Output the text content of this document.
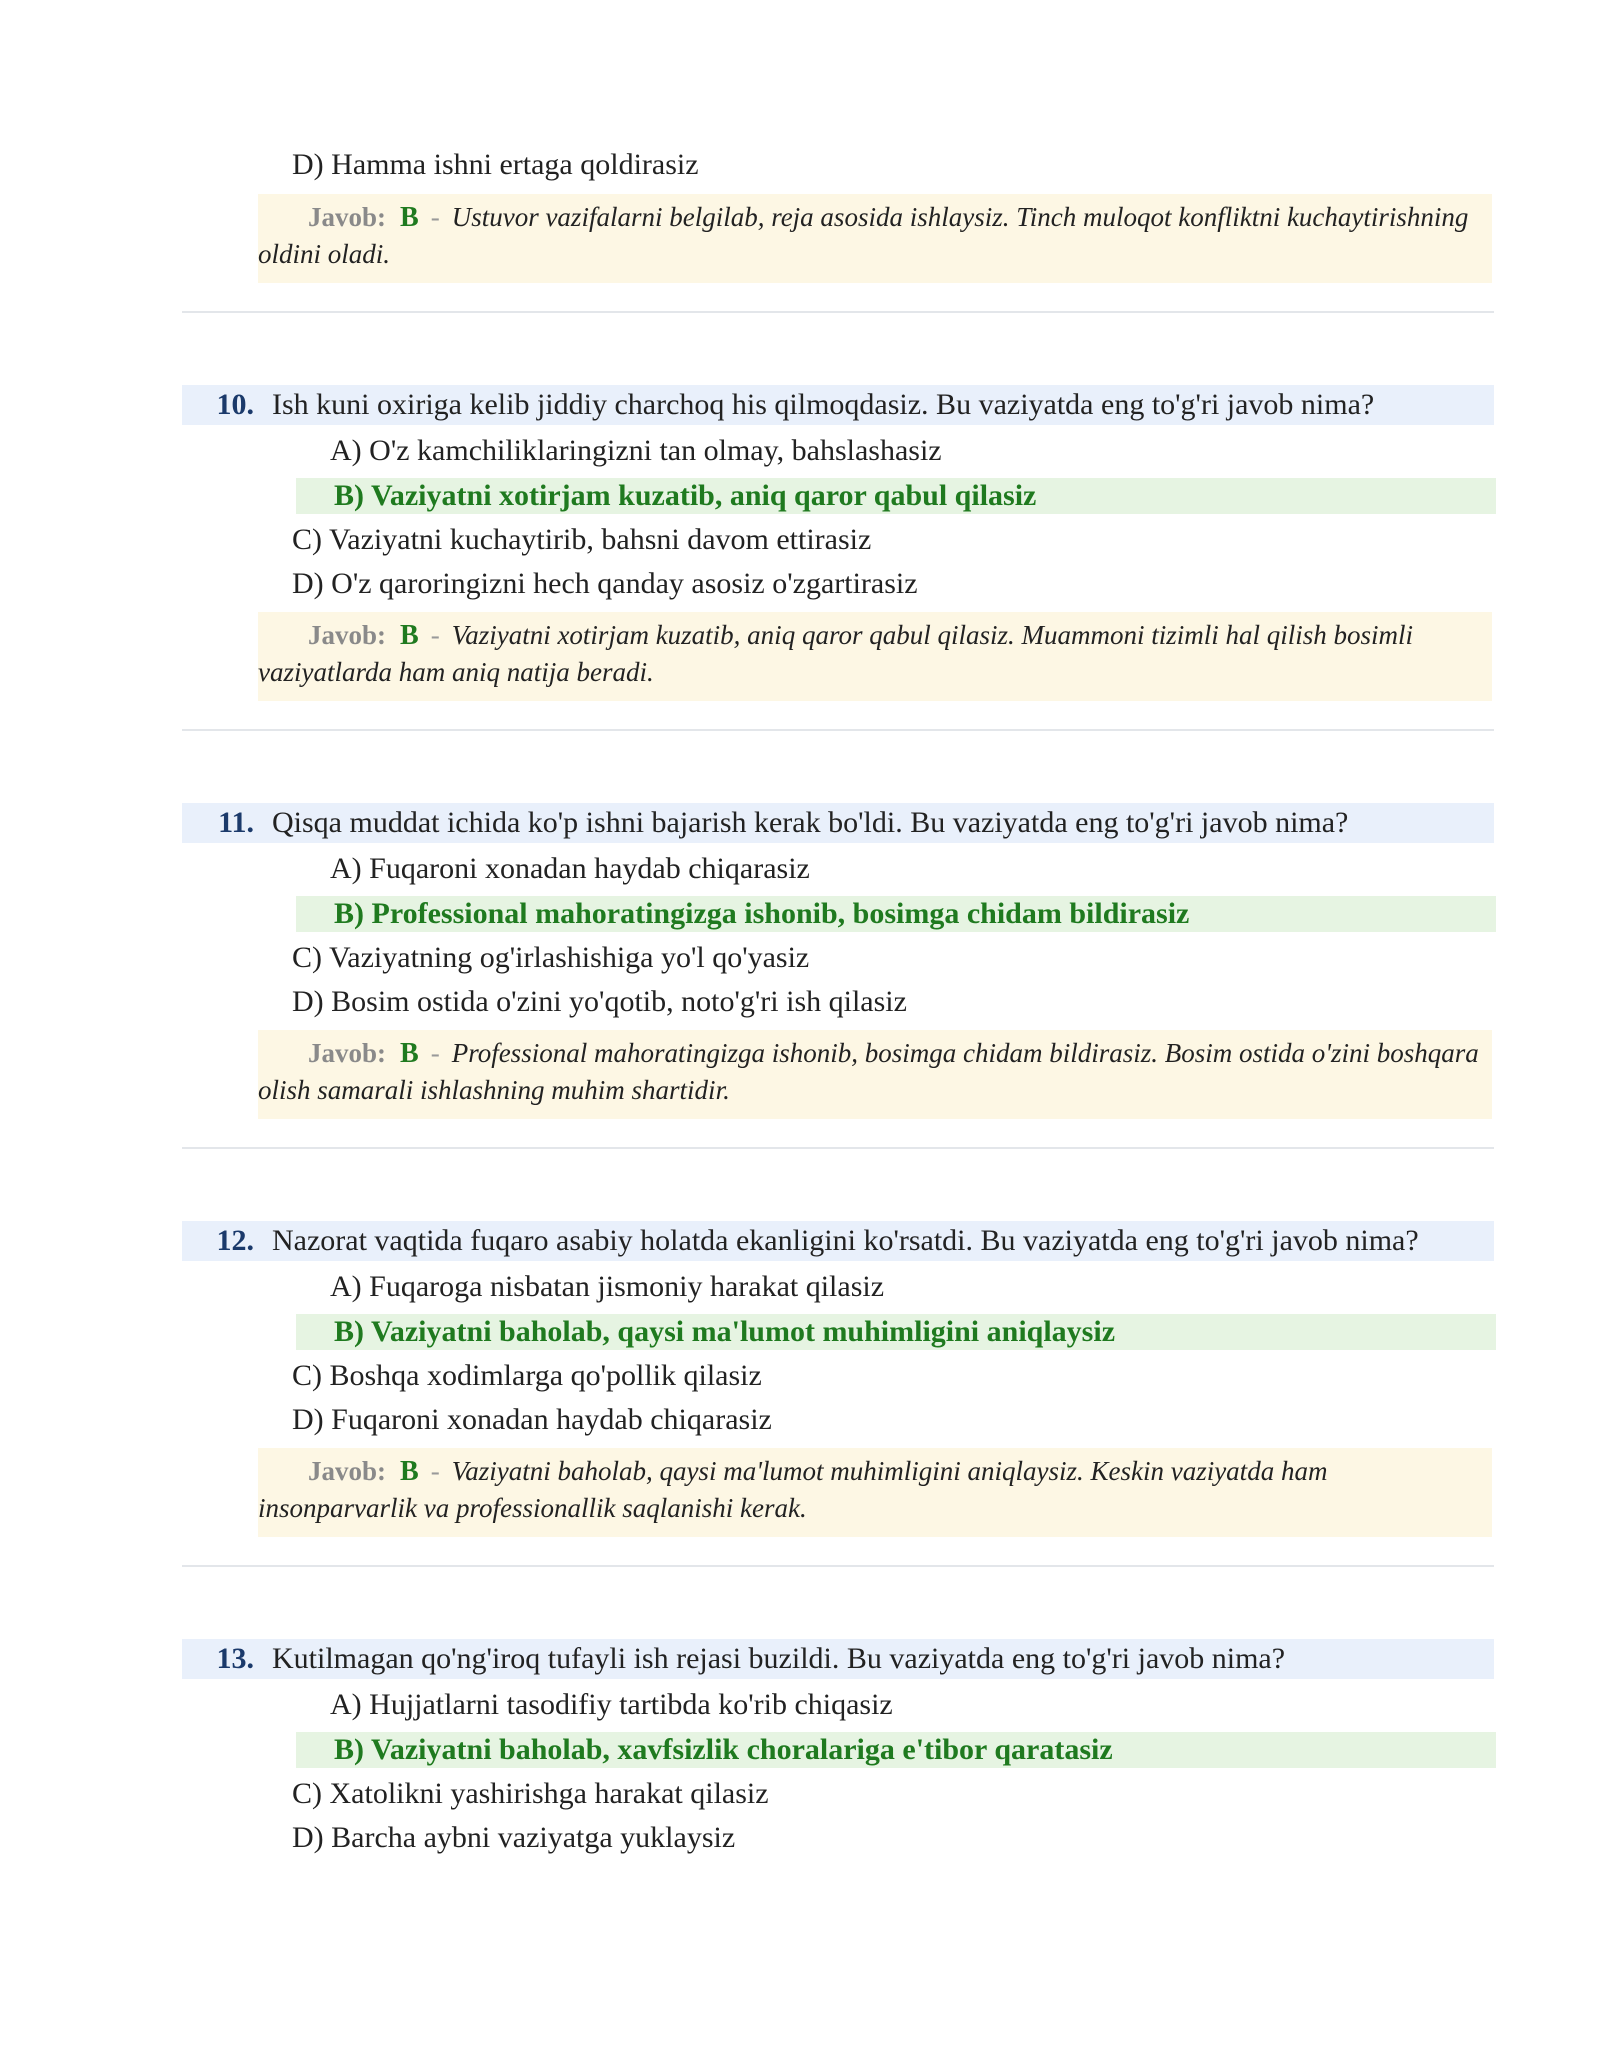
D) Hamma ishni ertaga qoldirasiz
Javob: B - Ustuvor vazifalarni belgilab, reja asosida ishlaysiz. Tinch muloqot konfliktni kuchaytirishning oldini oladi.
10. Ish kuni oxiriga kelib jiddiy charchoq his qilmoqdasiz. Bu vaziyatda eng to'g'ri javob nima?
A) O'z kamchiliklaringizni tan olmay, bahslashasiz
B) Vaziyatni xotirjam kuzatib, aniq qaror qabul qilasiz
C) Vaziyatni kuchaytirib, bahsni davom ettirasiz
D) O'z qaroringizni hech qanday asosiz o'zgartirasiz
Javob: B - Vaziyatni xotirjam kuzatib, aniq qaror qabul qilasiz. Muammoni tizimli hal qilish bosimli vaziyatlarda ham aniq natija beradi.
11. Qisqa muddat ichida ko'p ishni bajarish kerak bo'ldi. Bu vaziyatda eng to'g'ri javob nima?
A) Fuqaroni xonadan haydab chiqarasiz
B) Professional mahoratingizga ishonib, bosimga chidam bildirasiz
C) Vaziyatning og'irlashishiga yo'l qo'yasiz
D) Bosim ostida o'zini yo'qotib, noto'g'ri ish qilasiz
Javob: B - Professional mahoratingizga ishonib, bosimga chidam bildirasiz. Bosim ostida o'zini boshqara olish samarali ishlashning muhim shartidir.
12. Nazorat vaqtida fuqaro asabiy holatda ekanligini ko'rsatdi. Bu vaziyatda eng to'g'ri javob nima?
A) Fuqaroga nisbatan jismoniy harakat qilasiz
B) Vaziyatni baholab, qaysi ma'lumot muhimligini aniqlaysiz
C) Boshqa xodimlarga qo'pollik qilasiz
D) Fuqaroni xonadan haydab chiqarasiz
Javob: B - Vaziyatni baholab, qaysi ma'lumot muhimligini aniqlaysiz. Keskin vaziyatda ham insonparvarlik va professionallik saqlanishi kerak.
13. Kutilmagan qo'ng'iroq tufayli ish rejasi buzildi. Bu vaziyatda eng to'g'ri javob nima?
A) Hujjatlarni tasodifiy tartibda ko'rib chiqasiz
B) Vaziyatni baholab, xavfsizlik choralariga e'tibor qaratasiz
C) Xatolikni yashirishga harakat qilasiz
D) Barcha aybni vaziyatga yuklaysiz
